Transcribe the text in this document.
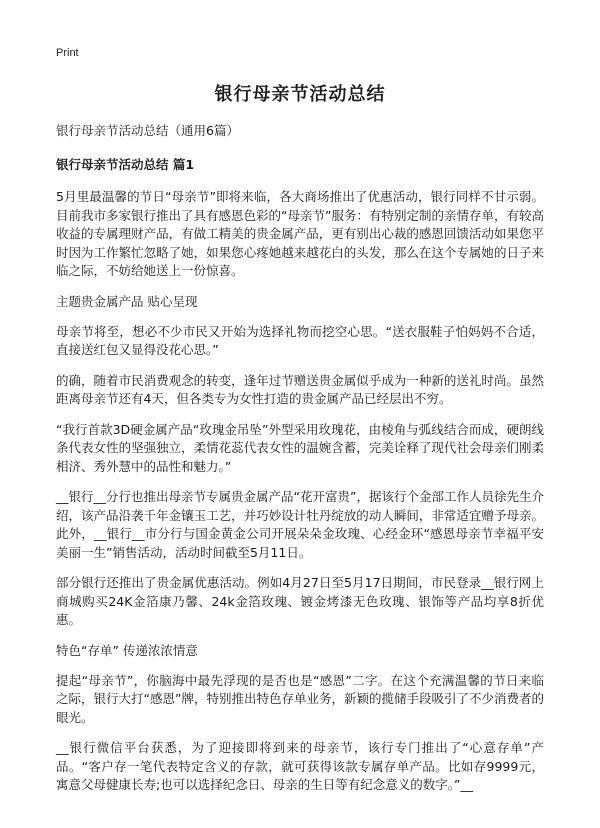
Print
银行母亲节活动总结
银行母亲节活动总结（通用6篇）
银行母亲节活动总结 篇1

5月里最温馨的节日“母亲节”即将来临，各大商场推出了优惠活动，银行同样不甘示弱。目前我市多家银行推出了具有感恩色彩的“母亲节”服务：有特别定制的亲情存单，有较高收益的专属理财产品，有做工精美的贵金属产品，更有别出心裁的感恩回馈活动如果您平时因为工作繁忙忽略了她，如果您心疼她越来越花白的头发，那么在这个专属她的日子来临之际，不妨给她送上一份惊喜。

主题贵金属产品 贴心呈现

母亲节将至，想必不少市民又开始为选择礼物而挖空心思。“送衣服鞋子怕妈妈不合适，直接送红包又显得没花心思。”

的确，随着市民消费观念的转变，逢年过节赠送贵金属似乎成为一种新的送礼时尚。虽然距离母亲节还有4天，但各类专为女性打造的贵金属产品已经层出不穷。

“我行首款3D硬金属产品“玫瑰金吊坠”外型采用玫瑰花，由棱角与弧线结合而成，硬朗线条代表女性的坚强独立，柔情花蕊代表女性的温婉含蓄，完美诠释了现代社会母亲们刚柔相济、秀外慧中的品性和魅力。”

__银行__分行也推出母亲节专属贵金属产品“花开富贵”，据该行个金部工作人员徐先生介绍，该产品沿袭千年金镶玉工艺，并巧妙设计牡丹绽放的动人瞬间，非常适宜赠予母亲。此外，__银行__市分行与国金黄金公司开展朵朵金玫瑰、心经金环“感恩母亲节幸福平安美丽一生”销售活动，活动时间截至5月11日。

部分银行还推出了贵金属优惠活动。例如4月27日至5月17日期间，市民登录__银行网上商城购买24K金箔康乃馨、24k金箔玫瑰、镀金烤漆无色玫瑰、银饰等产品均享8折优惠。

特色“存单” 传递浓浓情意

提起“母亲节”，你脑海中最先浮现的是否也是“感恩”二字。在这个充满温馨的节日来临之际，银行大打“感恩”牌，特别推出特色存单业务，新颖的揽储手段吸引了不少消费者的眼光。

__银行微信平台获悉，为了迎接即将到来的母亲节，该行专门推出了“心意存单”产品。“客户存一笔代表特定含义的存款，就可获得该款专属存单产品。比如存9999元，寓意父母健康长寿;也可以选择纪念日、母亲的生日等有纪念意义的数字。”__
